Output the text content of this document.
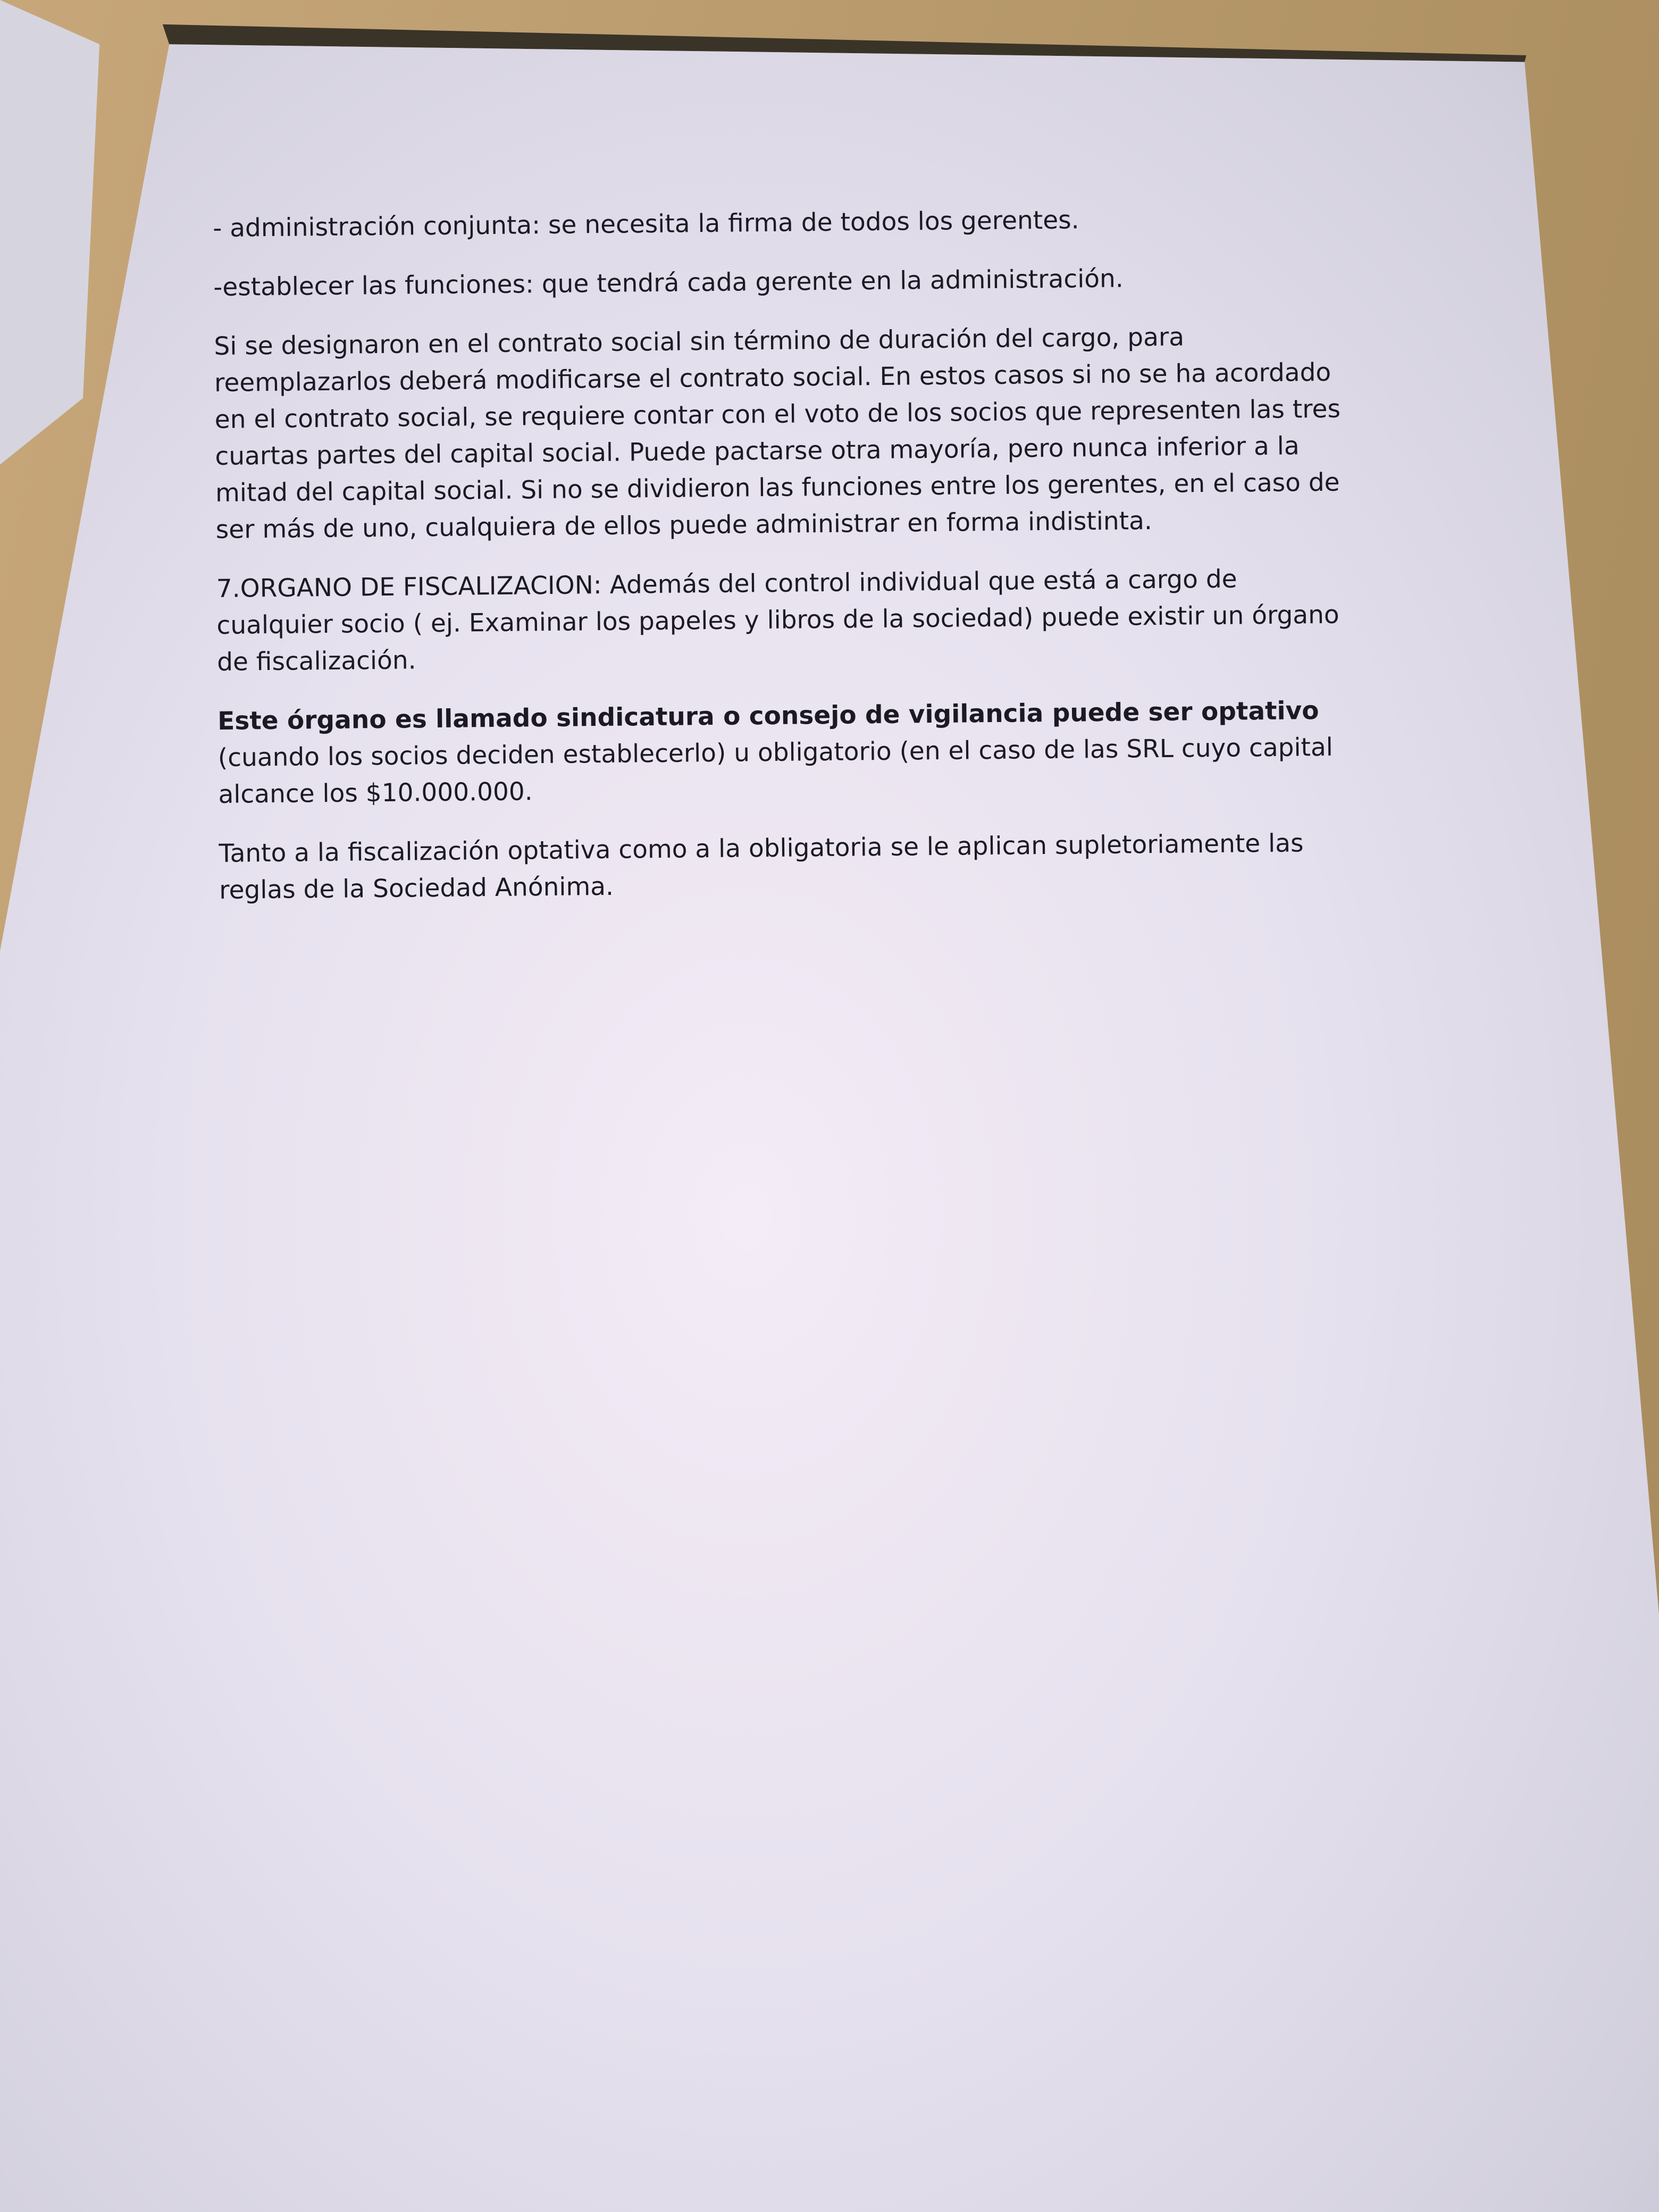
- administración conjunta: se necesita la firma de todos los gerentes.

-establecer las funciones: que tendrá cada gerente en la administración.

Si se designaron en el contrato social sin término de duración del cargo, para reemplazarlos deberá modificarse el contrato social. En estos casos si no se ha acordado en el contrato social, se requiere contar con el voto de los socios que representen las tres cuartas partes del capital social. Puede pactarse otra mayoría, pero nunca inferior a la mitad del capital social. Si no se dividieron las funciones entre los gerentes, en el caso de ser más de uno, cualquiera de ellos puede administrar en forma indistinta.

7.ORGANO DE FISCALIZACION: Además del control individual que está a cargo de cualquier socio ( ej. Examinar los papeles y libros de la sociedad) puede existir un órgano de fiscalización.

Este órgano es llamado sindicatura o consejo de vigilancia puede ser optativo (cuando los socios deciden establecerlo) u obligatorio (en el caso de las SRL cuyo capital alcance los $10.000.000.

Tanto a la fiscalización optativa como a la obligatoria se le aplican supletoriamente las reglas de la Sociedad Anónima.
